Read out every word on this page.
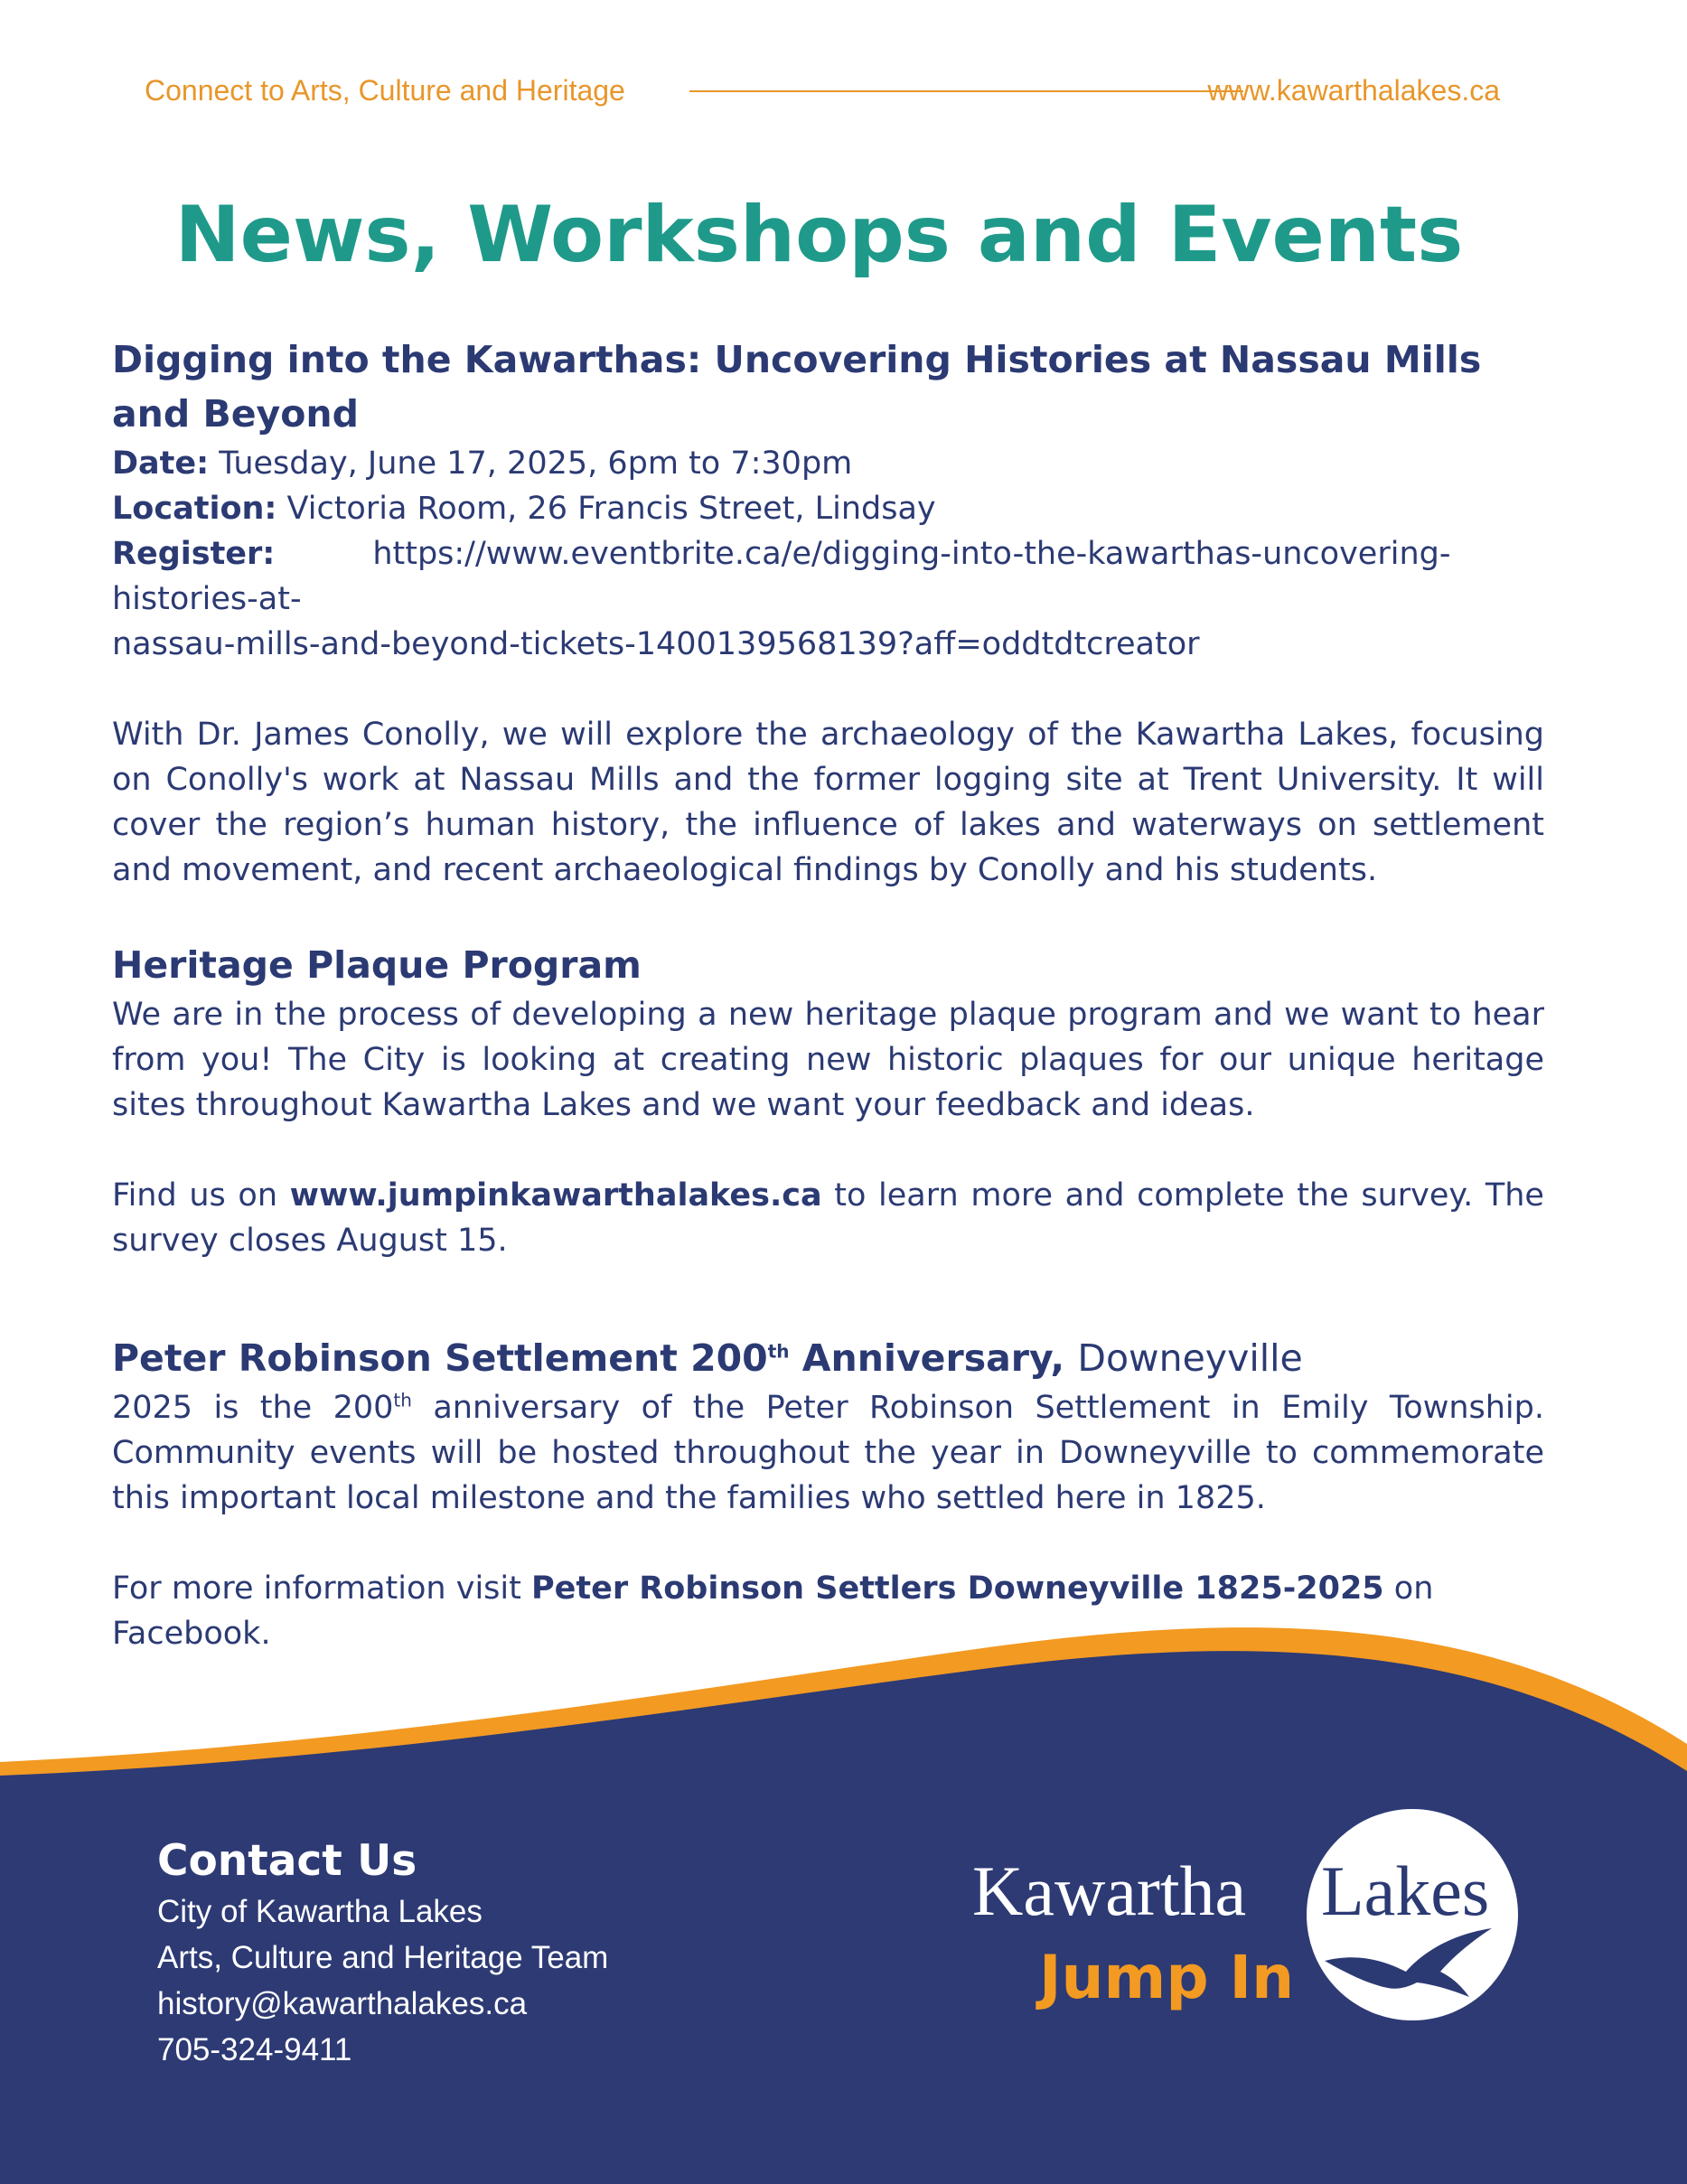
Connect to Arts, Culture and Heritage	www.kawarthalakes.ca
News, Workshops and Events

Digging into the Kawarthas: Uncovering Histories at Nassau Mills and Beyond

Date: Tuesday, June 17, 2025, 6pm to 7:30pm

Location: Victoria Room, 26 Francis Street, Lindsay

Register:	https://www.eventbrite.ca/e/digging-into-the-kawarthas-uncovering-histories-at-

nassau-mills-and-beyond-tickets-1400139568139?aff=oddtdtcreator

With Dr. James Conolly, we will explore the archaeology of the Kawartha Lakes, focusing on Conolly's work at Nassau Mills and the former logging site at Trent University. It will cover the region’s human history, the influence of lakes and waterways on settlement and movement, and recent archaeological findings by Conolly and his students.

Heritage Plaque Program

We are in the process of developing a new heritage plaque program and we want to hear from you! The City is looking at creating new historic plaques for our unique heritage sites throughout Kawartha Lakes and we want your feedback and ideas.

Find us on www.jumpinkawarthalakes.ca to learn more and complete the survey. The survey closes August 15.

Peter Robinson Settlement 200th Anniversary, Downeyville

2025 is the 200th anniversary of the Peter Robinson Settlement in Emily Township. Community events will be hosted throughout the year in Downeyville to commemorate this important local milestone and the families who settled here in 1825.

For more information visit Peter Robinson Settlers Downeyville 1825-2025 on Facebook.

Contact Us
City of Kawartha Lakes
Arts, Culture and Heritage Team
history@kawarthalakes.ca
705-324-9411
Kawartha Lakes
Jump In
